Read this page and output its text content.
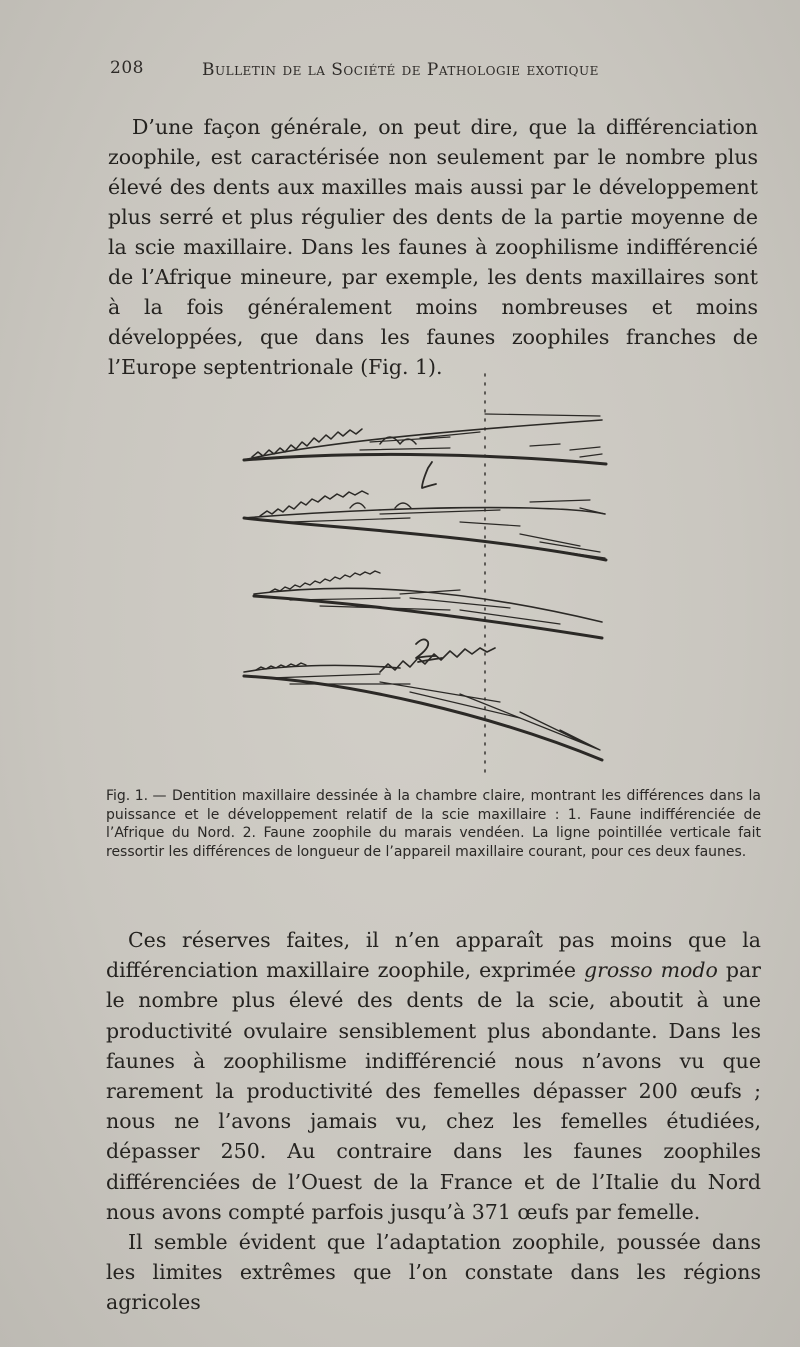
208	Bulletin de la Société de Pathologie exotique

D’une façon générale, on peut dire, que la différenciation zoophile, est caractérisée non seulement par le nombre plus élevé des dents aux maxilles mais aussi par le développement plus serré et plus régulier des dents de la partie moyenne de la scie maxillaire. Dans les faunes à zoophilisme indifférencié de l’Afrique mineure, par exemple, les dents maxillaires sont à la fois généralement moins nombreuses et moins développées, que dans les faunes zoophiles franches de l’Europe septentrionale (Fig. 1).

Fig. 1. — Dentition maxillaire dessinée à la chambre claire, montrant les différences dans la puissance et le développement relatif de la scie maxillaire : 1. Faune indifférenciée de l’Afrique du Nord. 2. Faune zoophile du marais vendéen. La ligne pointillée verticale fait ressortir les différences de longueur de l’appareil maxillaire courant, pour ces deux faunes.

Ces réserves faites, il n’en apparaît pas moins que la différenciation maxillaire zoophile, exprimée grosso modo par le nombre plus élevé des dents de la scie, aboutit à une productivité ovulaire sensiblement plus abondante. Dans les faunes à zoophilisme indifférencié nous n’avons vu que rarement la productivité des femelles dépasser 200 œufs ; nous ne l’avons jamais vu, chez les femelles étudiées, dépasser 250. Au contraire dans les faunes zoophiles différenciées de l’Ouest de la France et de l’Italie du Nord nous avons compté parfois jusqu’à 371 œufs par femelle.
Il semble évident que l’adaptation zoophile, poussée dans les limites extrêmes que l’on constate dans les régions agricoles
